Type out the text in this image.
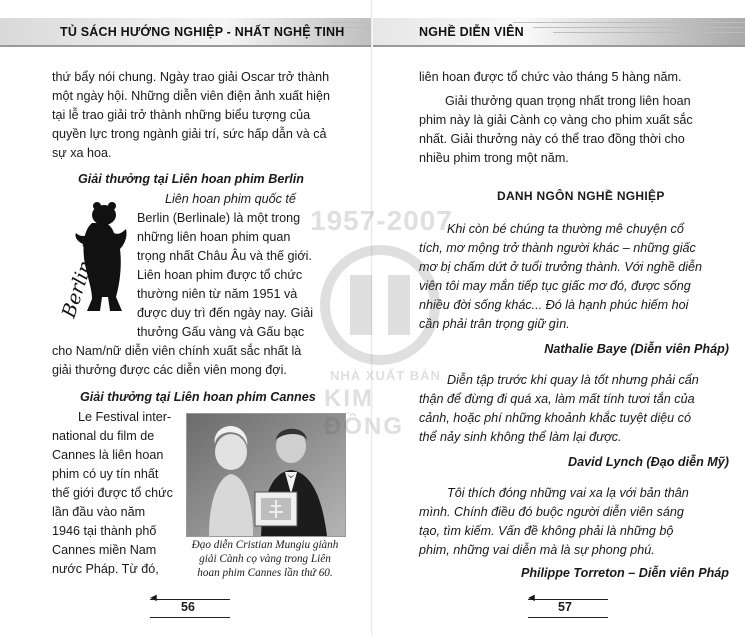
TỦ SÁCH HƯỚNG NGHIỆP - NHẤT NGHỆ TINH
thứ bẩy nói chung. Ngày trao giải Oscar trở thành
một ngày hội. Những diễn viên điện ảnh xuất hiện
tại lễ trao giải trở thành những biểu tượng của
quyền lực trong ngành giải trí, sức hấp dẫn và cả
sự xa hoa.
Giải thưởng tại Liên hoan phim Berlin
Berlinale
Liên hoan phim quốc tế
Berlin (Berlinale) là một trong
những liên hoan phim quan
trọng nhất Châu Âu và thế giới.
Liên hoan phim được tổ chức
thường niên từ năm 1951 và
được duy trì đến ngày nay. Giải
thưởng Gấu vàng và Gấu bạc
cho Nam/nữ diễn viên chính xuất sắc nhất là
giải thưởng được các diễn viên mong đợi.
Giải thưởng tại Liên hoan phim Cannes
Le Festival inter-
national du film de
Cannes là liên hoan
phim có uy tín nhất
thế giới được tổ chức
lần đầu vào năm
1946 tại thành phố
Cannes miền Nam
nước Pháp. Từ đó,
Đạo diễn Cristian Mungiu giành
giải Cành cọ vàng trong Liên
hoan phim Cannes lần thứ 60.
◄
56
NGHỀ DIỄN VIÊN
liên hoan được tổ chức vào tháng 5 hàng năm.
Giải thưởng quan trọng nhất trong liên hoan
phim này là giải Cành cọ vàng cho phim xuất sắc
nhất. Giải thưởng này có thể trao đồng thời cho
nhiều phim trong một năm.
DANH NGÔN NGHỀ NGHIỆP
Khi còn bé chúng ta thường mê chuyện cổ
tích, mơ mộng trở thành người khác – những giấc
mơ bị chấm dứt ở tuổi trưởng thành. Với nghề diễn
viên tôi may mắn tiếp tục giấc mơ đó, được sống
nhiều đời sống khác... Đó là hạnh phúc hiếm hoi
cần phải trân trọng giữ gìn.
Nathalie Baye (Diễn viên Pháp)
Diễn tập trước khi quay là tốt nhưng phải cẩn
thận để đừng đi quá xa, làm mất tính tươi tắn của
cảnh, hoặc phí những khoảnh khắc tuyệt diệu có
thể nảy sinh không thể làm lại được.
David Lynch (Đạo diễn Mỹ)
Tôi thích đóng những vai xa lạ với bản thân
mình. Chính điều đó buộc người diễn viên sáng
tạo, tìm kiếm. Vấn đề không phải là những bộ
phim, những vai diễn mà là sự phong phú.
Philippe Torreton – Diễn viên Pháp
◄
57
1957-2007
NHÀ XUẤT BẢN
KIM ĐỒNG
